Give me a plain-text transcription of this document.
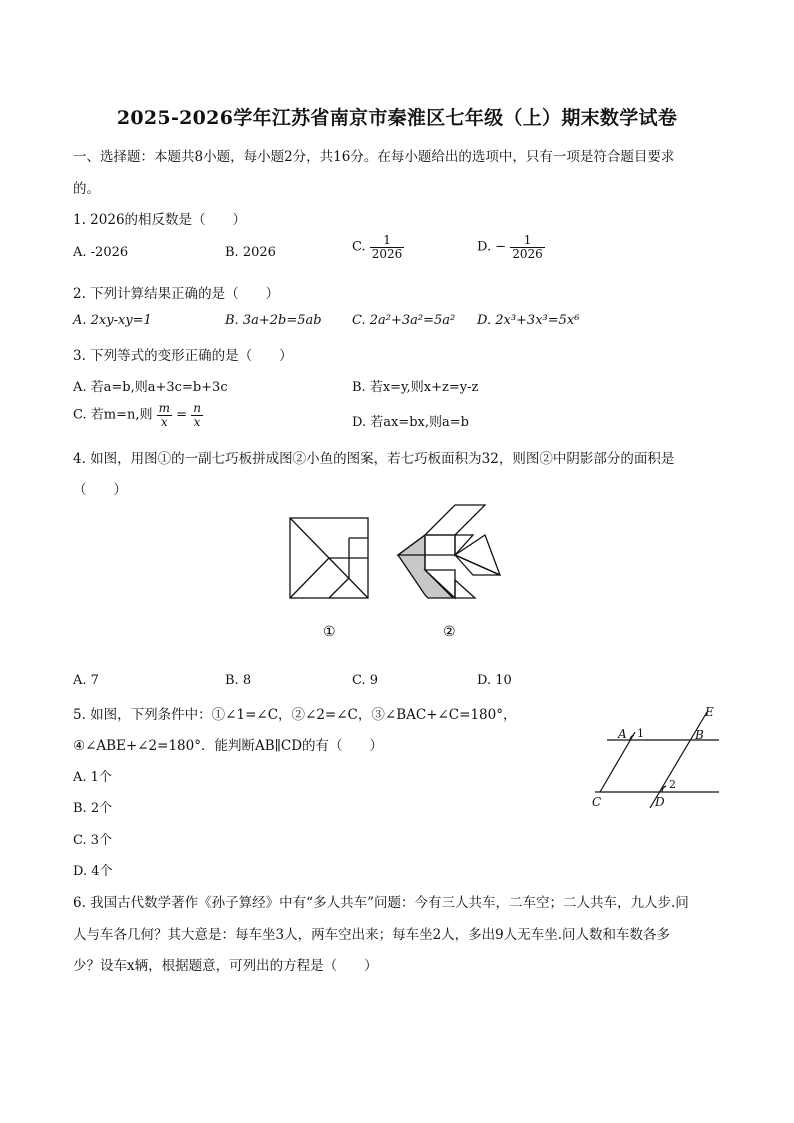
2025-2026学年江苏省南京市秦淮区七年级（上）期末数学试卷
一、选择题：本题共8小题，每小题2分，共16分。在每小题给出的选项中，只有一项是符合题目要求
的。
1. 2026的相反数是（　　）
A. -2026	B. 2026	C. $\frac{1}{2026}$	D. − $\frac{1}{2026}$
2. 下列计算结果正确的是（　　）
A. 2xy-xy=1	B. 3a+2b=5ab C. 2a²+3a²=5a² D. 2x³+3x³=5x⁶
3. 下列等式的变形正确的是（　　）
A. 若a=b,则a+3c=b+3c	B. 若x=y,则x+z=y-z
C. 若m=n,则 $\frac{m}{x} = \frac{n}{x}$	D. 若ax=bx,则a=b
4. 如图，用图①的一副七巧板拼成图②小鱼的图案，若七巧板面积为32，则图②中阴影部分的面积是
（　　）
①	②
A. 7	B. 8	C. 9	D. 10
5. 如图，下列条件中：①∠1=∠C，②∠2=∠C，③∠BAC+∠C=180°，
④∠ABE+∠2=180°．能判断AB∥CD的有（　　）
A. 1个
B. 2个
C. 3个
D. 4个
A	B
C	D
E
1
2
6. 我国古代数学著作《孙子算经》中有“多人共车”问题：今有三人共车，二车空；二人共车，九人步.问
人与车各几何？其大意是：每车坐3人，两车空出来；每车坐2人，多出9人无车坐.问人数和车数各多
少？设车x辆，根据题意，可列出的方程是（　　）
